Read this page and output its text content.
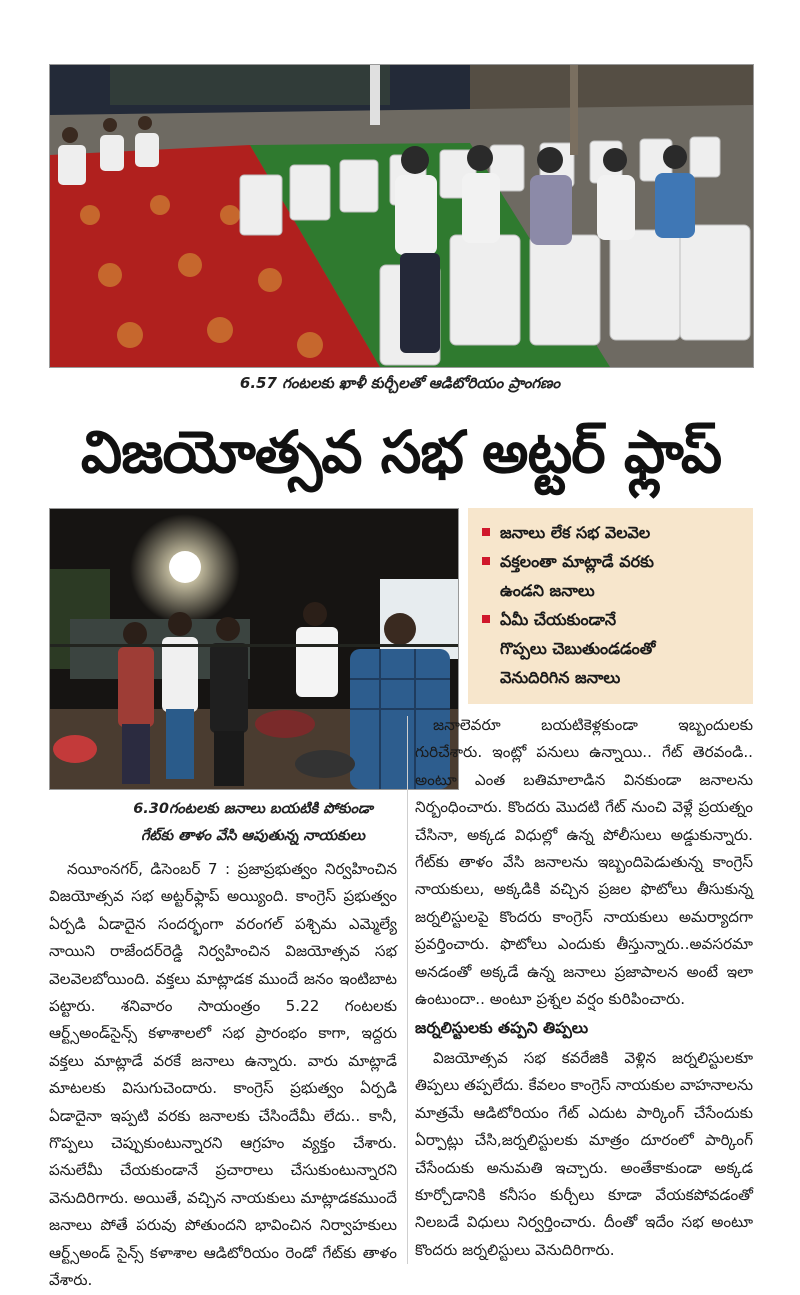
6.57 గంటలకు ఖాళీ కుర్చీలతో ఆడిటోరియం ప్రాంగణం
విజయోత్సవ సభ అట్టర్ ఫ్లాప్
6.30గంటలకు జనాలు బయటికి పోకుండా
గేట్‌కు తాళం వేసి ఆపుతున్న నాయకులు
జనాలు లేక సభ వెలవెల
వక్తలంతా మాట్లాడే వరకు
ఉండని జనాలు
ఏమీ చేయకుండానే
గొప్పలు చెబుతుండడంతో
వెనుదిరిగిన జనాలు

నయీంనగర్, డిసెంబర్ 7 : ప్రజాప్రభుత్వం నిర్వహించిన విజయోత్సవ సభ అట్టర్‌ఫ్లాప్ అయ్యింది. కాంగ్రెస్ ప్రభుత్వం ఏర్పడి ఏడాదైన సందర్భంగా వరంగల్ పశ్చిమ ఎమ్మెల్యే నాయిని రాజేందర్‌రెడ్డి నిర్వహించిన విజయోత్సవ సభ వెలవెలబోయింది. వక్తలు మాట్లాడక ముందే జనం ఇంటిబాట పట్టారు. శనివారం సాయంత్రం 5.22 గంటలకు ఆర్ట్స్‌అండ్‌సైన్స్ కళాశాలలో సభ ప్రారంభం కాగా, ఇద్దరు వక్తలు మాట్లాడే వరకే జనాలు ఉన్నారు. వారు మాట్లాడే మాటలకు విసుగుచెందారు. కాంగ్రెస్ ప్రభుత్వం ఏర్పడి ఏడాదైనా ఇప్పటి వరకు జనాలకు చేసిందేమీ లేదు.. కానీ, గొప్పలు చెప్పుకుంటున్నారని ఆగ్రహం వ్యక్తం చేశారు. పనులేమీ చేయకుండానే ప్రచారాలు చేసుకుంటున్నారని వెనుదిరిగారు. అయితే, వచ్చిన నాయకులు మాట్లాడకముందే జనాలు పోతే పరువు పోతుందని భావించిన నిర్వాహకులు ఆర్ట్స్‌అండ్ సైన్స్ కళాశాల ఆడిటోరియం రెండో గేట్‌కు తాళం వేశారు.

జనాలెవరూ బయటికెళ్లకుండా ఇబ్బందులకు గురిచేశారు. ఇంట్లో పనులు ఉన్నాయి.. గేట్ తెరవండి.. అంటూ ఎంత బతిమాలాడిన వినకుండా జనాలను నిర్బంధించారు. కొందరు మొదటి గేట్ నుంచి వెళ్లే ప్రయత్నం చేసినా, అక్కడ విధుల్లో ఉన్న పోలీసులు అడ్డుకున్నారు. గేట్‌కు తాళం వేసి జనాలను ఇబ్బందిపెడుతున్న కాంగ్రెస్ నాయకులు, అక్కడికి వచ్చిన ప్రజల ఫొటోలు తీసుకున్న జర్నలిస్టులపై కొందరు కాంగ్రెస్ నాయకులు అమర్యాదగా ప్రవర్తించారు. ఫొటోలు ఎందుకు తీస్తున్నారు..అవసరమా అనడంతో అక్కడే ఉన్న జనాలు ప్రజాపాలన అంటే ఇలా ఉంటుందా.. అంటూ ప్రశ్నల వర్షం కురిపించారు.

జర్నలిస్టులకు తప్పని తిప్పలు

విజయోత్సవ సభ కవరేజికి వెళ్లిన జర్నలిస్టులకూ తిప్పలు తప్పలేదు. కేవలం కాంగ్రెస్ నాయకుల వాహనాలను మాత్రమే ఆడిటోరియం గేట్ ఎదుట పార్కింగ్ చేసేందుకు ఏర్పాట్లు చేసి,జర్నలిస్టులకు మాత్రం దూరంలో పార్కింగ్ చేసేందుకు అనుమతి ఇచ్చారు. అంతేకాకుండా అక్కడ కూర్చోడానికి కనీసం కుర్చీలు కూడా వేయకపోవడంతో నిలబడే విధులు నిర్వర్తించారు. దీంతో ఇదేం సభ అంటూ కొందరు జర్నలిస్టులు వెనుదిరిగారు.
